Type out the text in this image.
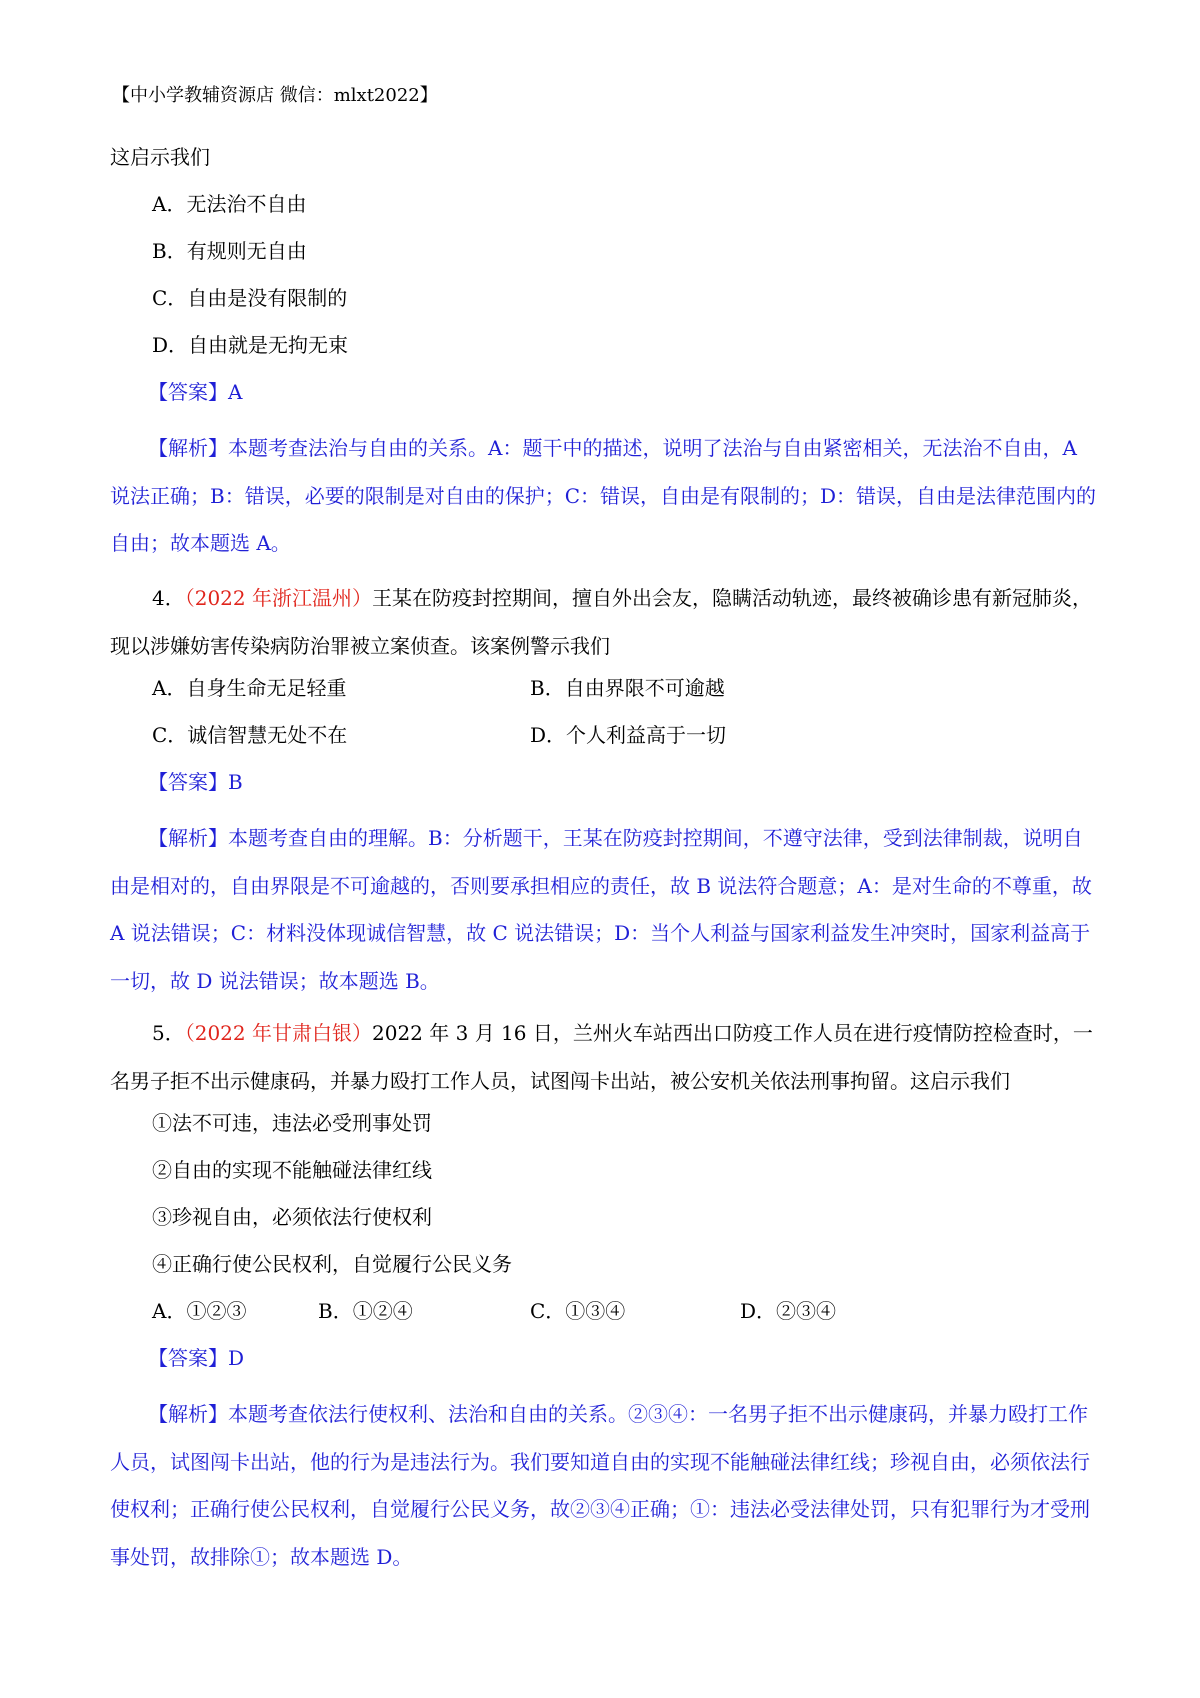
【中小学教辅资源店 微信：mlxt2022】
这启示我们
A．无法治不自由
B．有规则无自由
C．自由是没有限制的
D．自由就是无拘无束
【答案】A
【解析】本题考查法治与自由的关系。A：题干中的描述，说明了法治与自由紧密相关，无法治不自由，A 说法正确；B：错误，必要的限制是对自由的保护；C：错误，自由是有限制的；D：错误，自由是法律范围内的自由；故本题选 A。
4．（2022 年浙江温州）王某在防疫封控期间，擅自外出会友，隐瞒活动轨迹，最终被确诊患有新冠肺炎，现以涉嫌妨害传染病防治罪被立案侦查。该案例警示我们
A．自身生命无足轻重	B．自由界限不可逾越
C．诚信智慧无处不在	D．个人利益高于一切
【答案】B
【解析】本题考查自由的理解。B：分析题干，王某在防疫封控期间，不遵守法律，受到法律制裁，说明自由是相对的，自由界限是不可逾越的，否则要承担相应的责任，故 B 说法符合题意；A：是对生命的不尊重，故 A 说法错误；C：材料没体现诚信智慧，故 C 说法错误；D：当个人利益与国家利益发生冲突时，国家利益高于一切，故 D 说法错误；故本题选 B。
5．（2022 年甘肃白银）2022 年 3 月 16 日，兰州火车站西出口防疫工作人员在进行疫情防控检查时，一名男子拒不出示健康码，并暴力殴打工作人员，试图闯卡出站，被公安机关依法刑事拘留。这启示我们
①法不可违，违法必受刑事处罚
②自由的实现不能触碰法律红线
③珍视自由，必须依法行使权利
④正确行使公民权利，自觉履行公民义务
A．①②③	B．①②④	C．①③④	D．②③④
【答案】D
【解析】本题考查依法行使权利、法治和自由的关系。②③④：一名男子拒不出示健康码，并暴力殴打工作人员，试图闯卡出站，他的行为是违法行为。我们要知道自由的实现不能触碰法律红线；珍视自由，必须依法行使权利；正确行使公民权利，自觉履行公民义务，故②③④正确；①：违法必受法律处罚，只有犯罪行为才受刑事处罚，故排除①；故本题选 D。
